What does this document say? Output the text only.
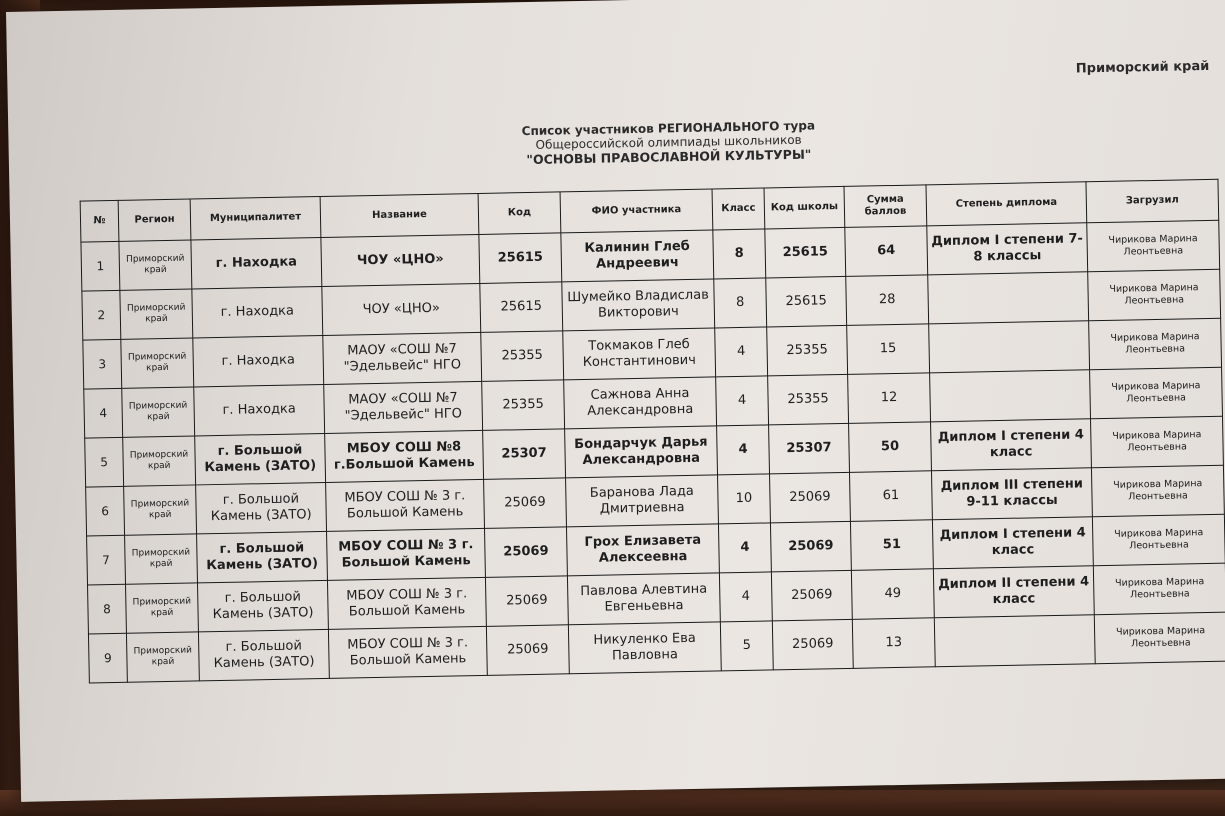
Приморский край
Список участников РЕГИОНАЛЬНОГО тура
Общероссийской олимпиады школьников
"ОСНОВЫ ПРАВОСЛАВНОЙ КУЛЬТУРЫ"
№	Регион	Муниципалитет	Название	Код	ФИО участника	Класс	Код школы	Сумма баллов	Степень диплома	Загрузил
1	Приморский край	г. Находка	ЧОУ «ЦНО»	25615	Калинин Глеб Андреевич	8	25615	64	Диплом I степени 7-8 классы	Чирикова Марина Леонтьевна
2	Приморский край	г. Находка	ЧОУ «ЦНО»	25615	Шумейко Владислав Викторович	8	25615	28		Чирикова Марина Леонтьевна
3	Приморский край	г. Находка	МАОУ «СОШ №7 "Эдельвейс" НГО	25355	Токмаков Глеб Константинович	4	25355	15		Чирикова Марина Леонтьевна
4	Приморский край	г. Находка	МАОУ «СОШ №7 "Эдельвейс" НГО	25355	Сажнова Анна Александровна	4	25355	12		Чирикова Марина Леонтьевна
5	Приморский край	г. Большой Камень (ЗАТО)	МБОУ СОШ №8 г.Большой Камень	25307	Бондарчук Дарья Александровна	4	25307	50	Диплом I степени 4 класс	Чирикова Марина Леонтьевна
6	Приморский край	г. Большой Камень (ЗАТО)	МБОУ СОШ № 3 г. Большой Камень	25069	Баранова Лада Дмитриевна	10	25069	61	Диплом III степени 9-11 классы	Чирикова Марина Леонтьевна
7	Приморский край	г. Большой Камень (ЗАТО)	МБОУ СОШ № 3 г. Большой Камень	25069	Грох Елизавета Алексеевна	4	25069	51	Диплом I степени 4 класс	Чирикова Марина Леонтьевна
8	Приморский край	г. Большой Камень (ЗАТО)	МБОУ СОШ № 3 г. Большой Камень	25069	Павлова Алевтина Евгеньевна	4	25069	49	Диплом II степени 4 класс	Чирикова Марина Леонтьевна
9	Приморский край	г. Большой Камень (ЗАТО)	МБОУ СОШ № 3 г. Большой Камень	25069	Никуленко Ева Павловна	5	25069	13		Чирикова Марина Леонтьевна
